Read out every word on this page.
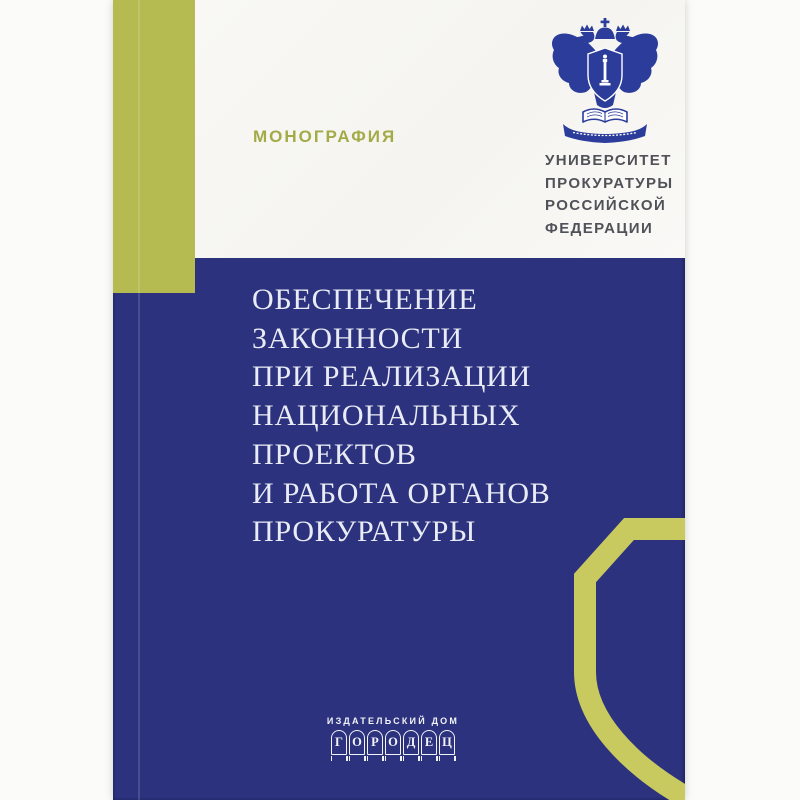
МОНОГРАФИЯ
УНИВЕРСИТЕТ
ПРОКУРАТУРЫ
РОССИЙСКОЙ
ФЕДЕРАЦИИ
ОБЕСПЕЧЕНИЕ
ЗАКОННОСТИ
ПРИ РЕАЛИЗАЦИИ
НАЦИОНАЛЬНЫХ
ПРОЕКТОВ
И РАБОТА ОРГАНОВ
ПРОКУРАТУРЫ
ИЗДАТЕЛЬСКИЙ ДОМ
Г О Р О Д Е Ц
